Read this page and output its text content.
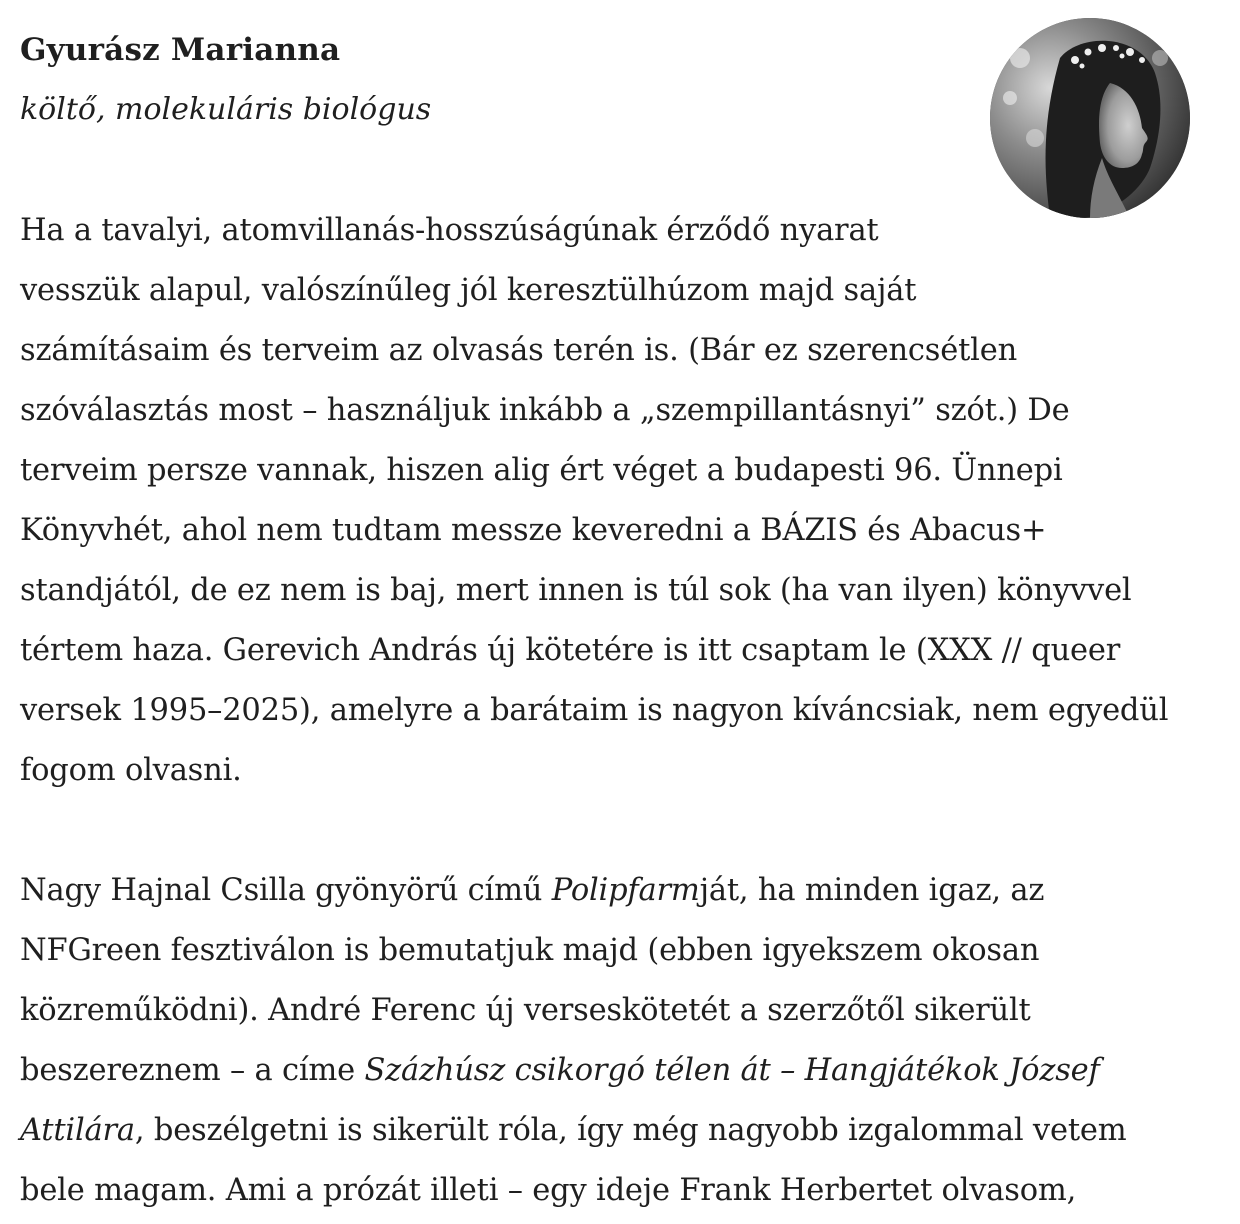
Gyurász Marianna

költő, molekuláris biológus

Ha a tavalyi, atomvillanás-hosszúságúnak érződő nyarat
vesszük alapul, valószínűleg jól keresztülhúzom majd saját
számításaim és terveim az olvasás terén is. (Bár ez szerencsétlen
szóválasztás most – használjuk inkább a „szempillantásnyi” szót.) De
terveim persze vannak, hiszen alig ért véget a budapesti 96. Ünnepi
Könyvhét, ahol nem tudtam messze keveredni a BÁZIS és Abacus+
standjától, de ez nem is baj, mert innen is túl sok (ha van ilyen) könyvvel
tértem haza. Gerevich András új kötetére is itt csaptam le (XXX // queer
versek 1995–2025), amelyre a barátaim is nagyon kíváncsiak, nem egyedül
fogom olvasni.

Nagy Hajnal Csilla gyönyörű című Polipfarmját, ha minden igaz, az
NFGreen fesztiválon is bemutatjuk majd (ebben igyekszem okosan
közreműködni). André Ferenc új verseskötetét a szerzőtől sikerült
beszereznem – a címe Százhúsz csikorgó télen át – Hangjátékok József
Attilára, beszélgetni is sikerült róla, így még nagyobb izgalommal vetem
bele magam. Ami a prózát illeti – egy ideje Frank Herbertet olvasom,
